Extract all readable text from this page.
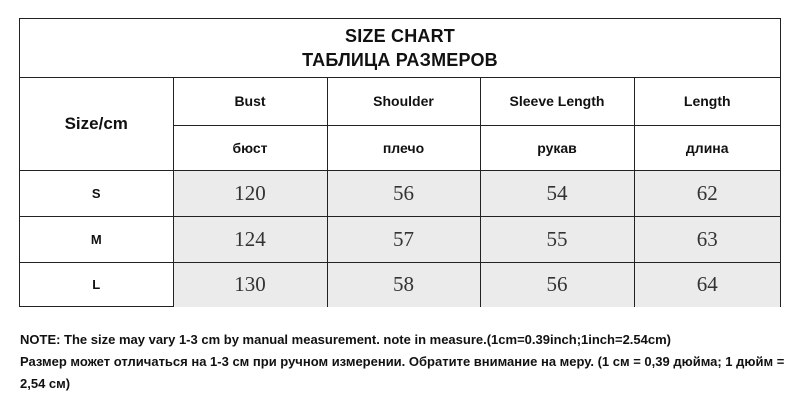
SIZE CHART
ТАБЛИЦА РАЗМЕРОВ
Size/cm	Bust	Shoulder	Sleeve Length	Length
	бюст	плечо	рукав	длина
S	120	56	54	62
M	124	57	55	63
L	130	58	56	64

NOTE: The size may vary 1-3 cm by manual measurement. note in measure.(1cm=0.39inch;1inch=2.54cm)

Размер может отличаться на 1-3 см при ручном измерении. Обратите внимание на меру. (1 см = 0,39 дюйма; 1 дюйм = 2,54 см)
